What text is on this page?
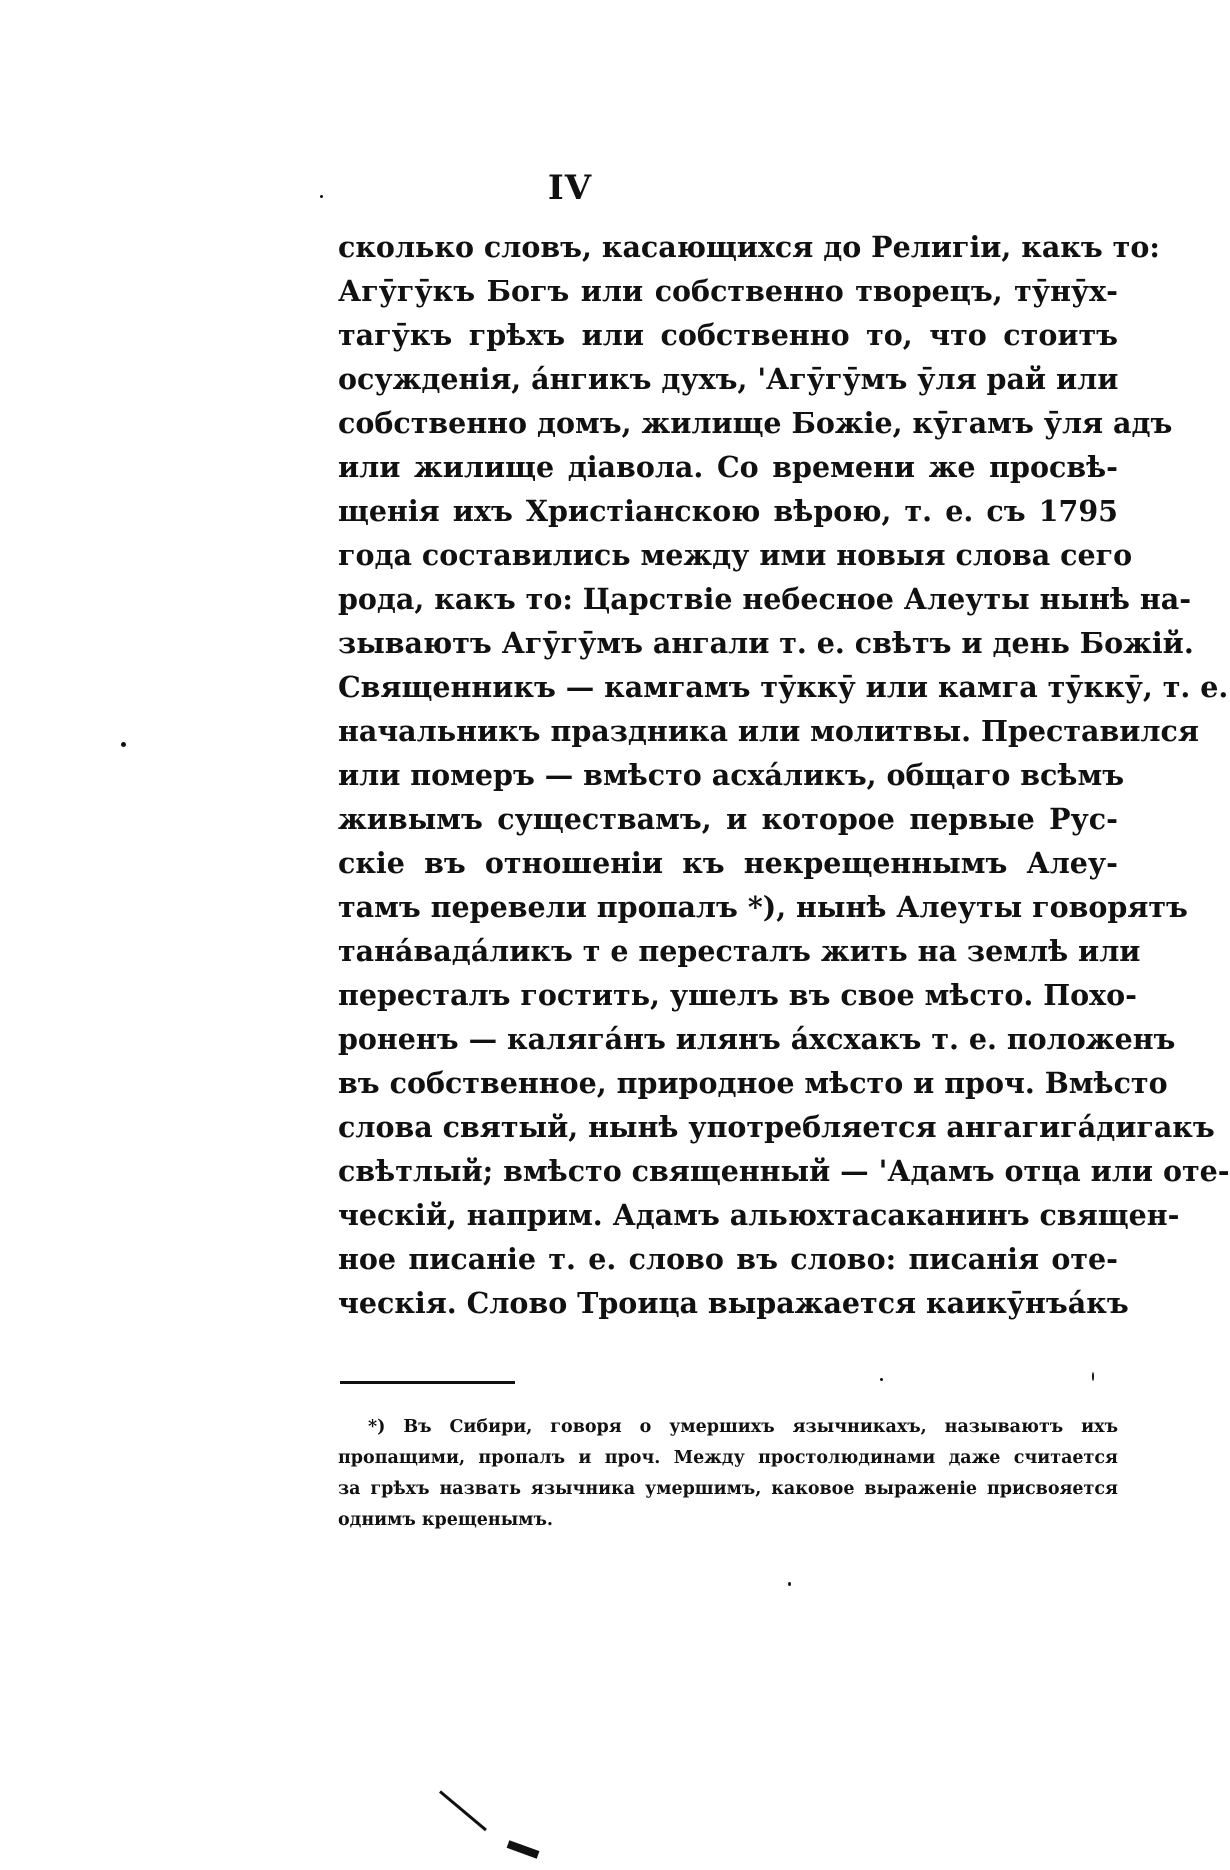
IV
сколько словъ, касающихся до Религіи, какъ то:
Агӯгӯкъ Богъ или собственно творецъ, тӯнӯх-
тагӯкъ грѣхъ или собственно то, что стоитъ
осужденія, áнгикъ духъ, 'Агӯгӯмъ ӯля рай или
собственно домъ, жилище Божіе, кӯгамъ ӯля адъ
или жилище діавола. Со времени же просвѣ-
щенія ихъ Христіанскою вѣрою, т. е. съ 1795
года составились между ими новыя слова сего
рода, какъ то: Царствіе небесное Алеуты нынѣ на-
зываютъ Агӯгӯмъ ангали т. е. свѣтъ и день Божій.
Священникъ — камгамъ тӯккӯ или камга тӯккӯ, т. е.
начальникъ праздника или молитвы. Преставился
или померъ — вмѣсто асхáликъ, общаго всѣмъ
живымъ существамъ, и которое первые Рус-
скіе въ отношеніи къ некрещеннымъ Алеу-
тамъ перевели пропалъ *), нынѣ Алеуты говорятъ
танáвадáликъ т е пересталъ жить на землѣ или
пересталъ гостить, ушелъ въ свое мѣсто. Похо-
роненъ — калягáнъ илянъ áхсхакъ т. е. положенъ
въ собственное, природное мѣсто и проч. Вмѣсто
слова святый, нынѣ употребляется ангагигáдигакъ
свѣтлый; вмѣсто священный — 'Адамъ отца или оте-
ческій, наприм. Адамъ альюхтасаканинъ священ-
ное писаніе т. е. слово въ слово: писанія оте-
ческія. Слово Троица выражается каикӯнъáкъ
*) Въ Сибири, говоря о умершихъ язычникахъ, называютъ ихъ
пропащими, пропалъ и проч. Между простолюдинами даже считается
за грѣхъ назвать язычника умершимъ, каковое выраженіе присвояется
однимъ крещенымъ.
